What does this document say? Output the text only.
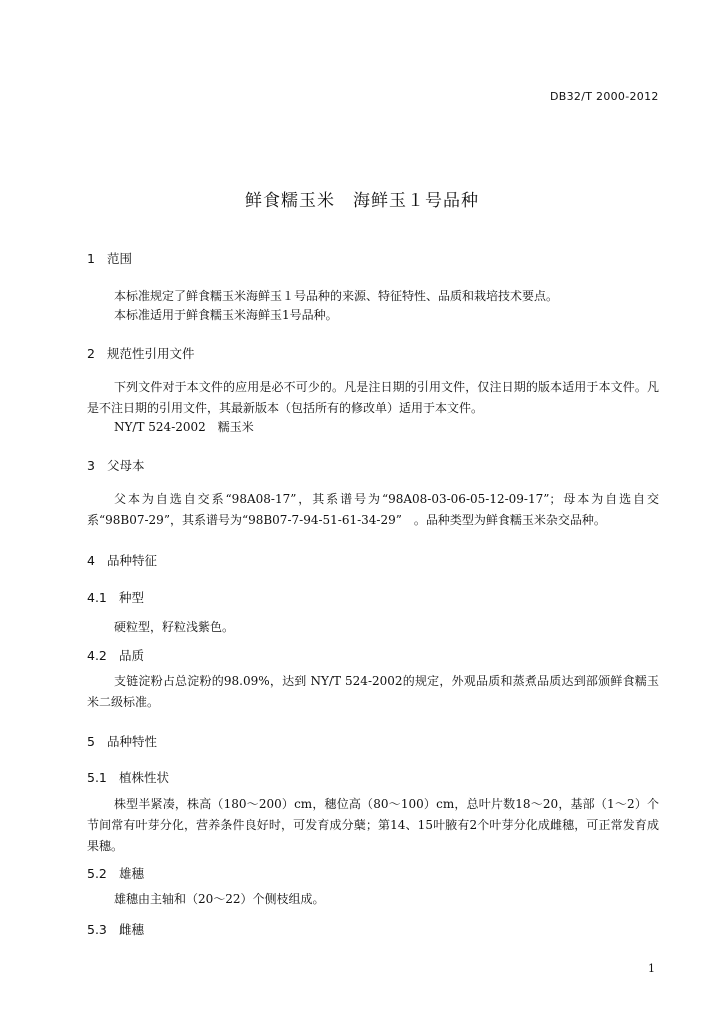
DB32/T 2000-2012

鲜食糯玉米　海鲜玉１号品种

1 范围

本标准规定了鲜食糯玉米海鲜玉１号品种的来源、特征特性、品质和栽培技术要点。

本标准适用于鲜食糯玉米海鲜玉1号品种。

2 规范性引用文件

下列文件对于本文件的应用是必不可少的。凡是注日期的引用文件，仅注日期的版本适用于本文件。凡是不注日期的引用文件，其最新版本（包括所有的修改单）适用于本文件。

NY/T 524-2002　糯玉米

3 父母本

父本为自选自交系“98A08-17”，其系谱号为“98A08-03-06-05-12-09-17”；母本为自选自交系“98B07-29”，其系谱号为“98B07-7-94-51-61-34-29”　。品种类型为鲜食糯玉米杂交品种。

4 品种特征

4.1 种型

硬粒型，籽粒浅紫色。

4.2 品质

支链淀粉占总淀粉的98.09%，达到 NY/T 524-2002的规定，外观品质和蒸煮品质达到部颁鲜食糯玉米二级标准。

5 品种特性

5.1 植株性状

株型半紧凑，株高（180～200）cm，穗位高（80～100）cm，总叶片数18～20，基部（1～2）个节间常有叶芽分化，营养条件良好时，可发育成分蘖；第14、15叶腋有2个叶芽分化成雌穗，可正常发育成果穗。

5.2 雄穗

雄穗由主轴和（20～22）个侧枝组成。

5.3 雌穗

1
